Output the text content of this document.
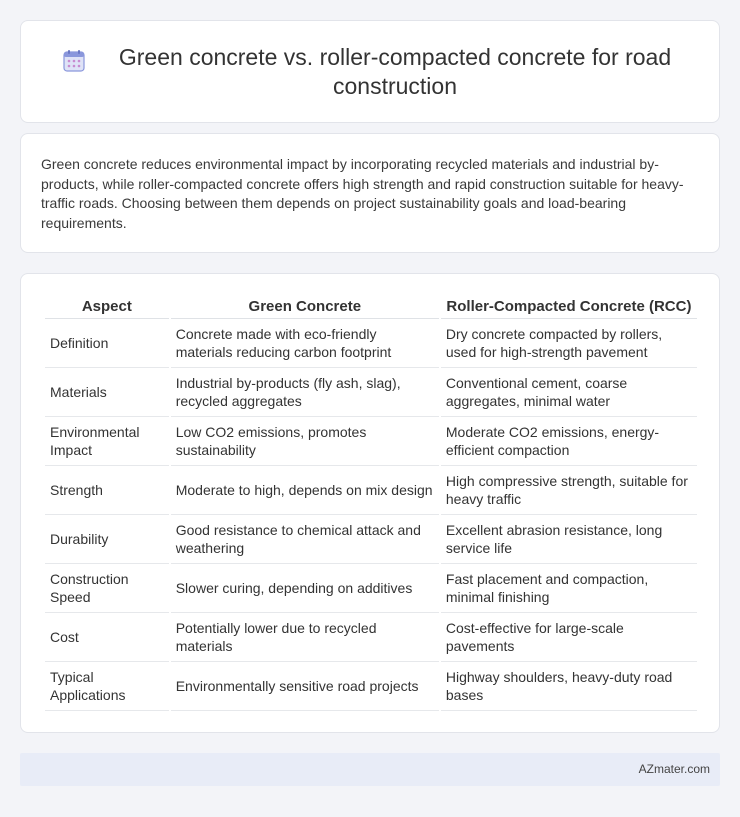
Green concrete vs. roller-compacted concrete for road construction

Green concrete reduces environmental impact by incorporating recycled materials and industrial by-products, while roller-compacted concrete offers high strength and rapid construction suitable for heavy-traffic roads. Choosing between them depends on project sustainability goals and load-bearing requirements.

Aspect	Green Concrete	Roller-Compacted Concrete (RCC)
Definition	Concrete made with eco-friendly materials reducing carbon footprint	Dry concrete compacted by rollers, used for high-strength pavement
Materials	Industrial by-products (fly ash, slag), recycled aggregates	Conventional cement, coarse aggregates, minimal water
Environmental Impact	Low CO2 emissions, promotes sustainability	Moderate CO2 emissions, energy-efficient compaction
Strength	Moderate to high, depends on mix design	High compressive strength, suitable for heavy traffic
Durability	Good resistance to chemical attack and weathering	Excellent abrasion resistance, long service life
Construction Speed	Slower curing, depending on additives	Fast placement and compaction, minimal finishing
Cost	Potentially lower due to recycled materials	Cost-effective for large-scale pavements
Typical Applications	Environmentally sensitive road projects	Highway shoulders, heavy-duty road bases
AZmater.com
